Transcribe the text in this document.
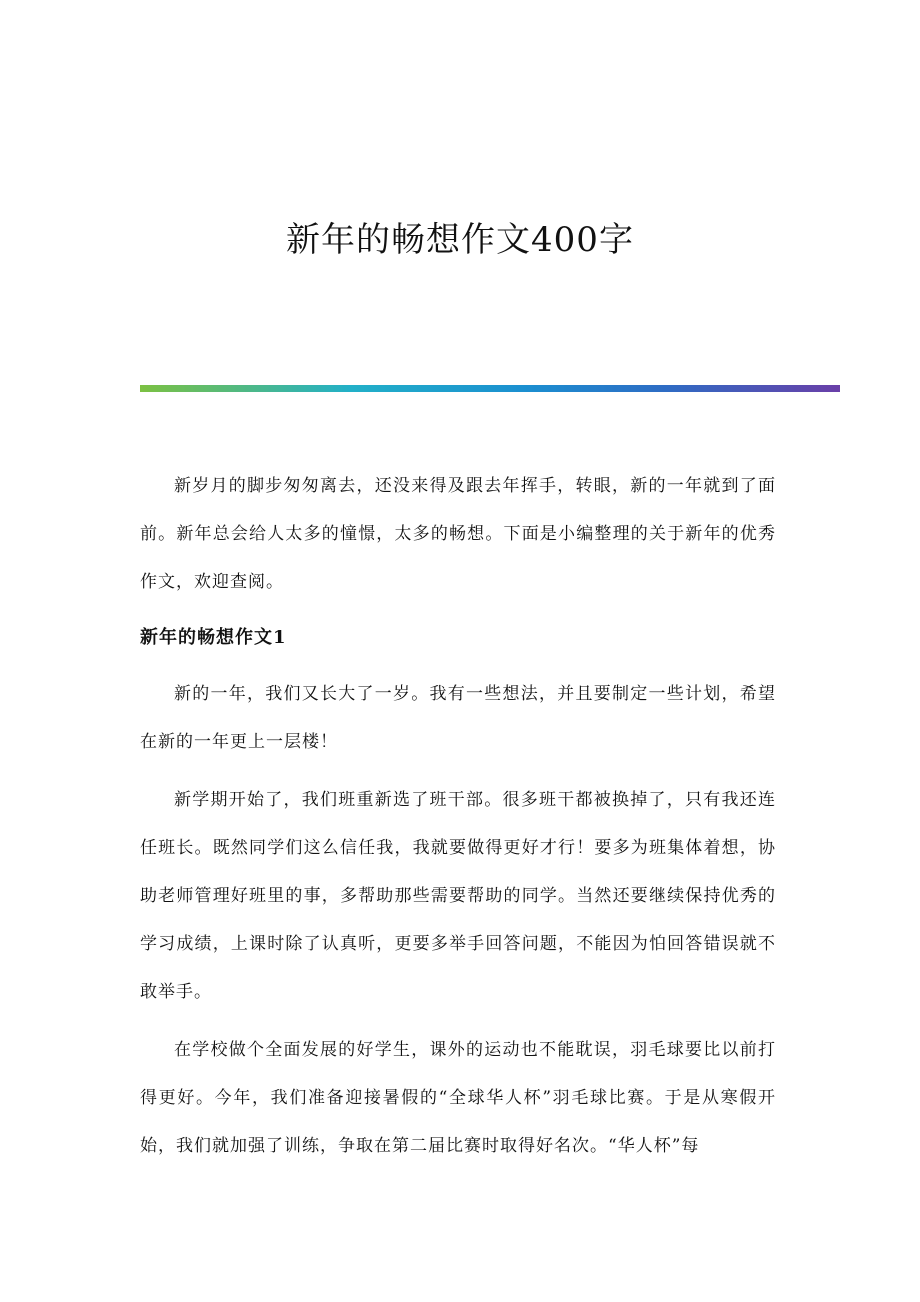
新年的畅想作文400字

新岁月的脚步匆匆离去，还没来得及跟去年挥手，转眼，新的一年就到了面前。新年总会给人太多的憧憬，太多的畅想。下面是小编整理的关于新年的优秀作文，欢迎查阅。

新年的畅想作文1

新的一年，我们又长大了一岁。我有一些想法，并且要制定一些计划，希望在新的一年更上一层楼！

新学期开始了，我们班重新选了班干部。很多班干都被换掉了，只有我还连任班长。既然同学们这么信任我，我就要做得更好才行！要多为班集体着想，协助老师管理好班里的事，多帮助那些需要帮助的同学。当然还要继续保持优秀的学习成绩，上课时除了认真听，更要多举手回答问题，不能因为怕回答错误就不敢举手。

在学校做个全面发展的好学生，课外的运动也不能耽误，羽毛球要比以前打得更好。今年，我们准备迎接暑假的“全球华人杯”羽毛球比赛。于是从寒假开始，我们就加强了训练，争取在第二届比赛时取得好名次。“华人杯”每
